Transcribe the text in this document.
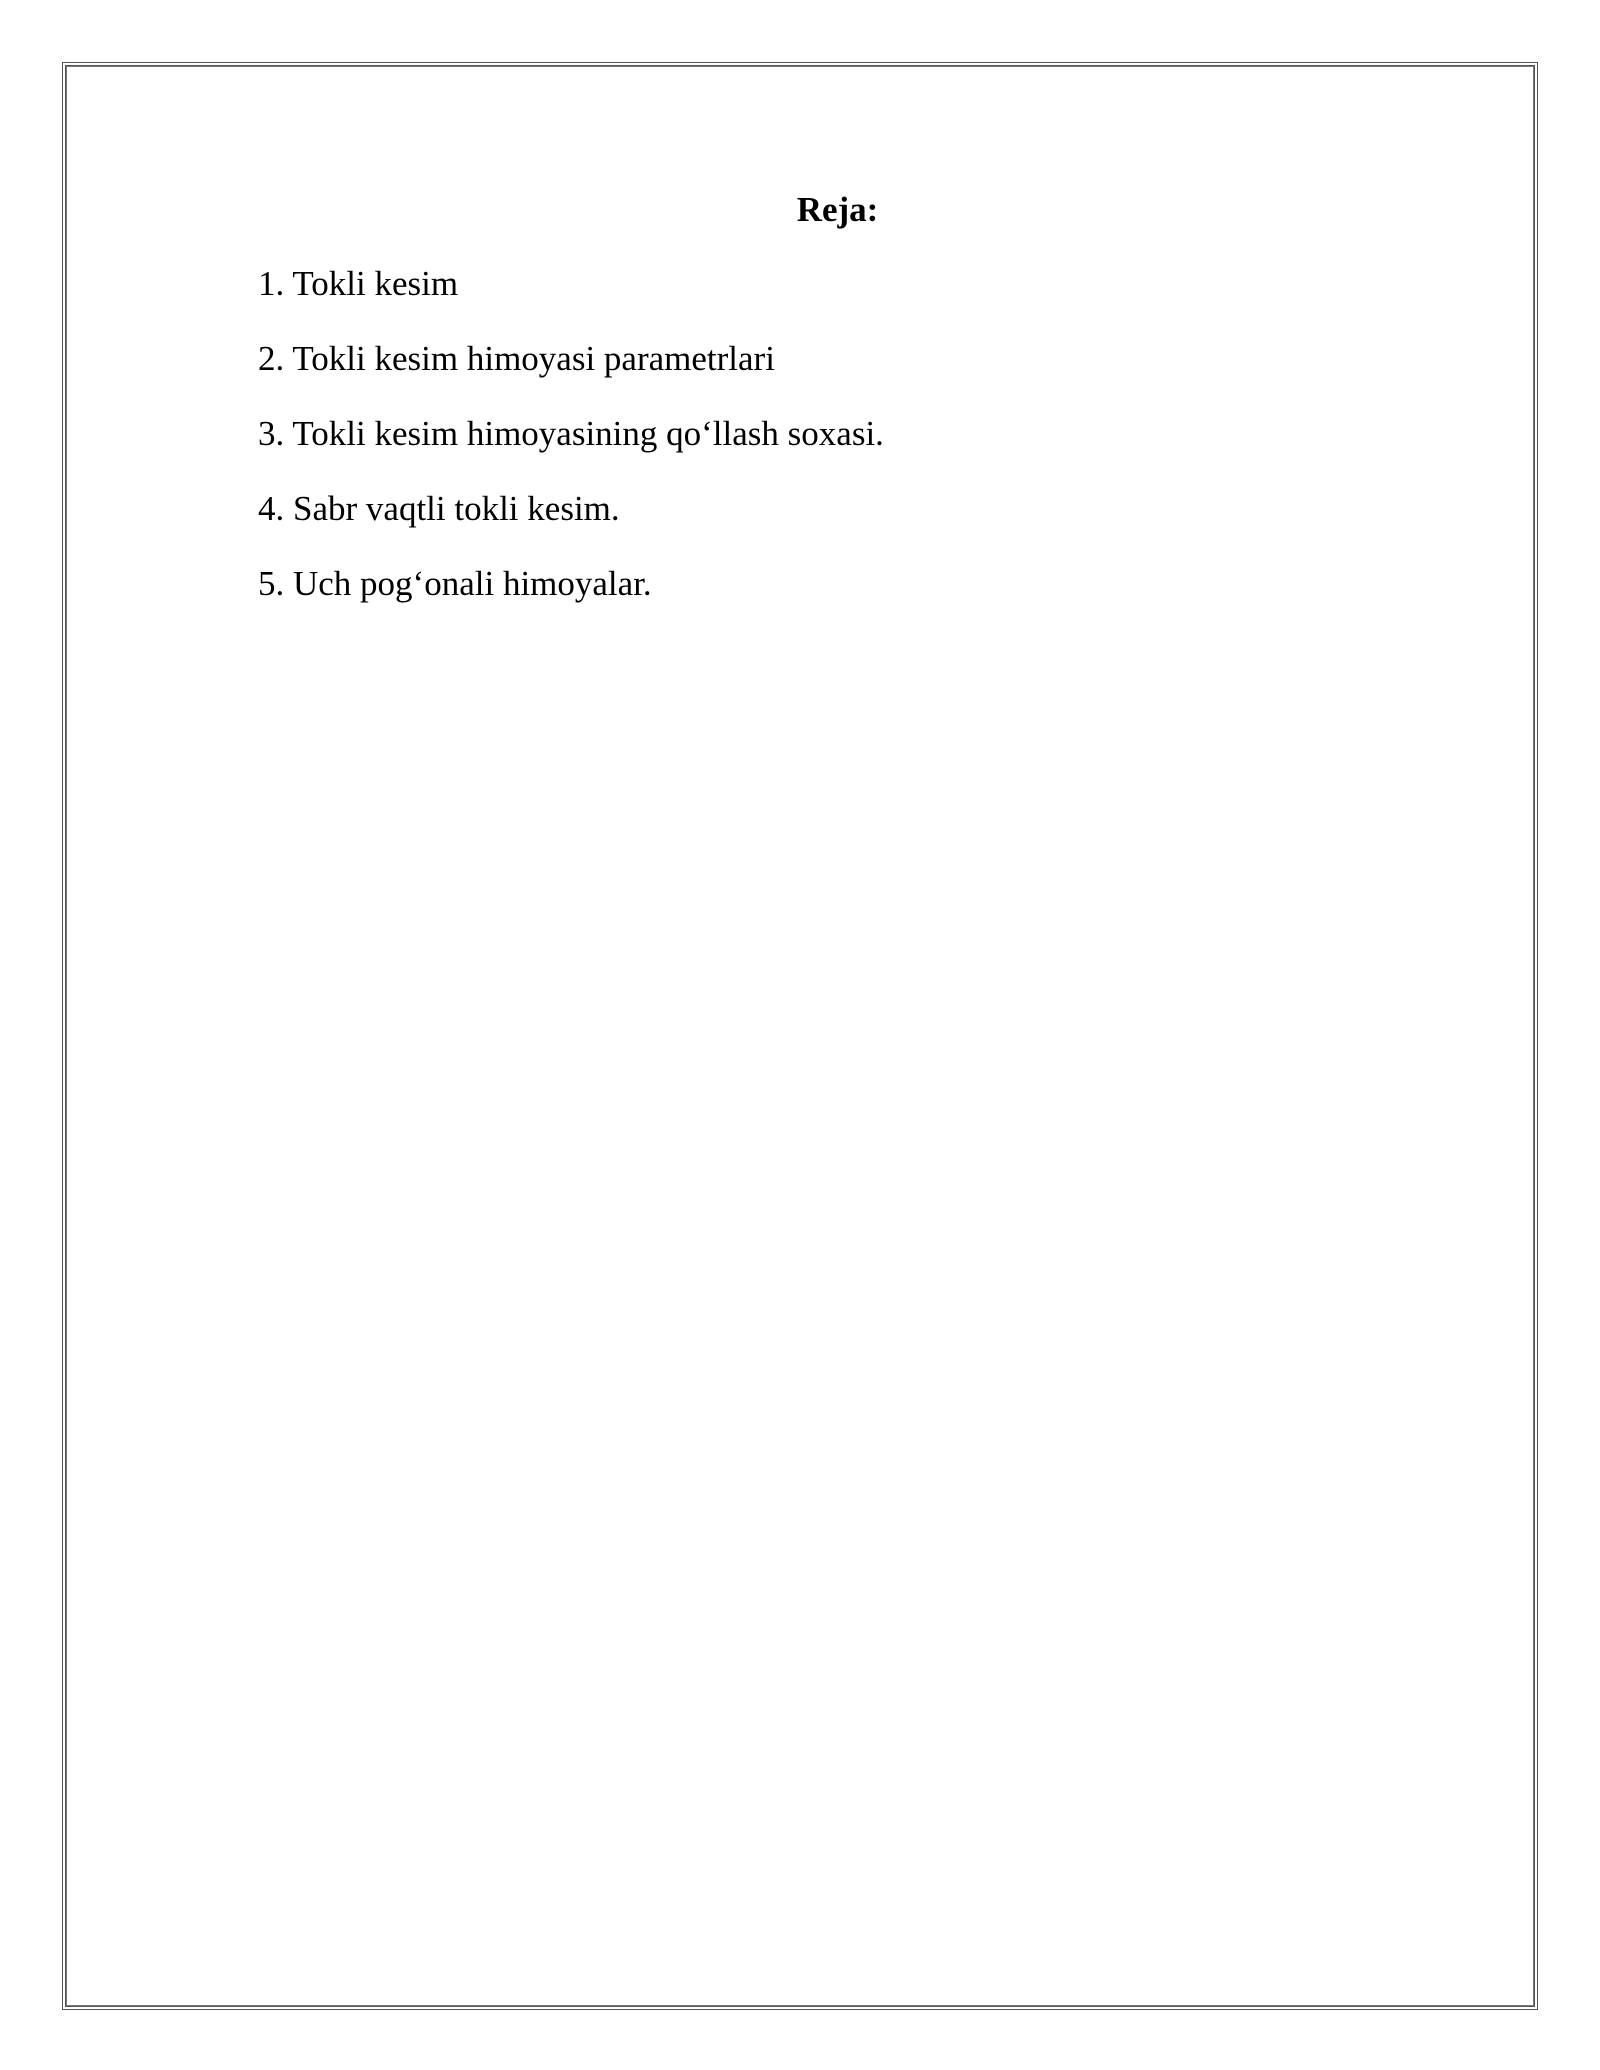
Reja:
1. Tokli kesim
2. Tokli kesim himoyasi parametrlari
3. Tokli kesim himoyasining qo‘llash soxasi.
4. Sabr vaqtli tokli kesim.
5. Uch pog‘onali himoyalar.
